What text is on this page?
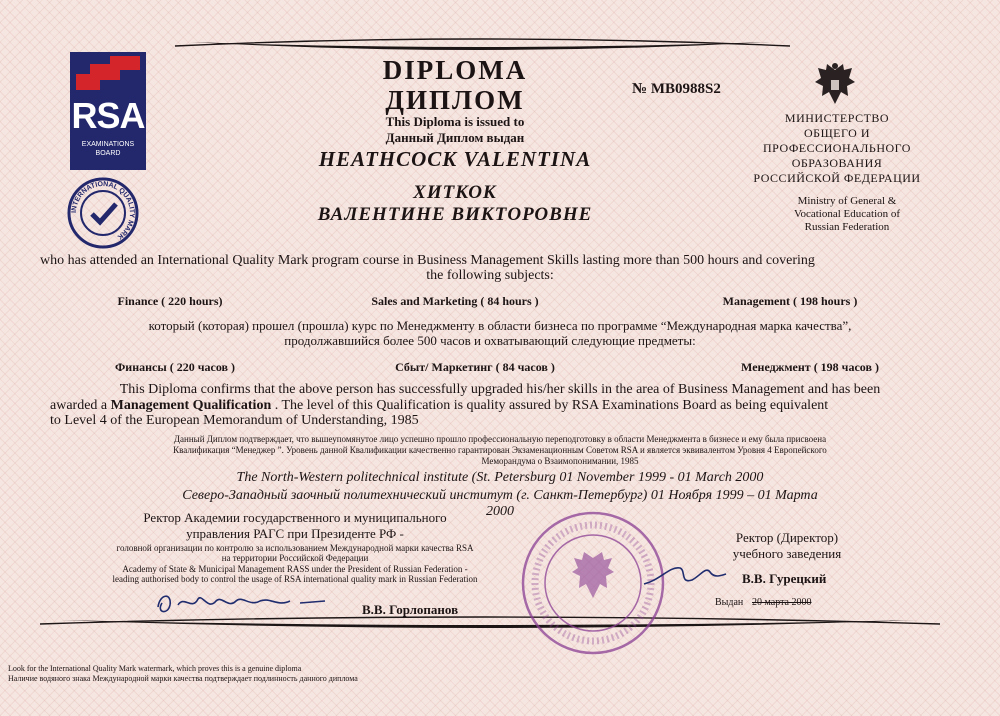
RSA
EXAMINATIONS BOARD
INTERNATIONAL QUALITY MARK
DIPLOMA
ДИПЛОМ
This Diploma is issued to
Данный Диплом выдан
№ MB0988S2
МИНИСТЕРСТВО
ОБЩЕГО И
ПРОФЕССИОНАЛЬНОГО
ОБРАЗОВАНИЯ
РОССИЙСКОЙ ФЕДЕРАЦИИ
Ministry of General &
Vocational Education of
Russian Federation
HEATHCOCK VALENTINA
ХИТКОК
ВАЛЕНТИНЕ ВИКТОРОВНЕ
who has attended an International Quality Mark program course in Business Management Skills lasting more than 500 hours and covering
the following subjects:
Finance ( 220 hours)	Sales and Marketing ( 84 hours )	Management ( 198 hours )
который (которая) прошел (прошла) курс по Менеджменту в области бизнеса по программе “Международная марка качества”,
продолжавшийся более 500 часов и охватывающий следующие предметы:
Финансы ( 220 часов )	Сбыт/ Маркетинг ( 84 часов )	Менеджмент ( 198 часов )
This Diploma confirms that the above person has successfully upgraded his/her skills in the area of Business Management and has been
awarded a Management Qualification . The level of this Qualification is quality assured by RSA Examinations Board as being equivalent
to Level 4 of the European Memorandum of Understanding, 1985
Данный Диплом подтверждает, что вышеупомянутое лицо успешно прошло профессиональную переподготовку в области Менеджмента в бизнесе и ему была присвоена
Квалификация “Менеджер ”. Уровень данной Квалификации качественно гарантирован Экзаменационным Советом RSA и является эквивалентом Уровня 4 Европейского
Меморандума о Взаимопонимании, 1985
The North-Western politechnical institute (St. Petersburg 01 November 1999 - 01 March 2000
Северо-Западный заочный политехнический институт (г. Санкт-Петербург) 01 Ноября 1999 – 01 Марта 2000
Ректор Академии государственного и муниципального
управления РАГС при Президенте РФ -
головной организации по контролю за использованием Международной марки качества RSA
на территории Российской Федерации
Academy of State & Municipal Management RASS under the President of Russian Federation -
leading authorised body to control the usage of RSA international quality mark in Russian Federation
В.В. Горлопанов
Ректор (Директор)
учебного заведения
В.В. Гурецкий
Выдан 20 марта 2000
Look for the International Quality Mark watermark, which proves this is a genuine diploma
Наличие водяного знака Международной марки качества подтверждает подлинность данного диплома
